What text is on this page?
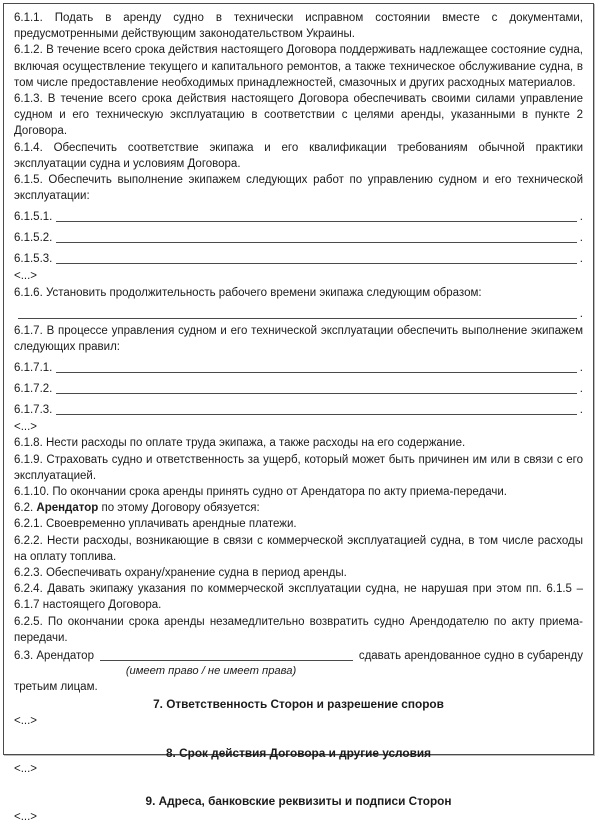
6.1.1. Подать в аренду судно в технически исправном состоянии вместе с документами, предусмотренными действующим законодательством Украины.

6.1.2. В течение всего срока действия настоящего Договора поддерживать надлежащее состояние судна, включая осуществление текущего и капитального ремонтов, а также техническое обслуживание судна, в том числе предоставление необходимых принадлежностей, смазочных и других расходных материалов.

6.1.3. В течение всего срока действия настоящего Договора обеспечивать своими силами управление судном и его техническую эксплуатацию в соответствии с целями аренды, указанными в пункте 2 Договора.

6.1.4. Обеспечить соответствие экипажа и его квалификации требованиям обычной практики эксплуатации судна и условиям Договора.

6.1.5. Обеспечить выполнение экипажем следующих работ по управлению судном и его технической эксплуатации:

6.1.5.1.	.
6.1.5.2.	.
6.1.5.3.	.

<...>

6.1.6. Установить продолжительность рабочего времени экипажа следующим образом:

.

6.1.7. В процессе управления судном и его технической эксплуатации обеспечить выполнение экипажем следующих правил:

6.1.7.1.	.
6.1.7.2.	.
6.1.7.3.	.

<...>

6.1.8. Нести расходы по оплате труда экипажа, а также расходы на его содержание.

6.1.9. Страховать судно и ответственность за ущерб, который может быть причинен им или в связи с его эксплуатацией.

6.1.10. По окончании срока аренды принять судно от Арендатора по акту приема-передачи.

6.2. Арендатор по этому Договору обязуется:

6.2.1. Своевременно уплачивать арендные платежи.

6.2.2. Нести расходы, возникающие в связи с коммерческой эксплуатацией судна, в том числе расходы на оплату топлива.

6.2.3. Обеспечивать охрану/хранение судна в период аренды.

6.2.4. Давать экипажу указания по коммерческой эксплуатации судна, не нарушая при этом пп. 6.1.5 – 6.1.7 настоящего Договора.

6.2.5. По окончании срока аренды незамедлительно возвратить судно Арендодателю по акту приема-передачи.

6.3. Арендатор	сдавать арендованное судно в субаренду
(имеет право / не имеет права)

третьим лицам.

7. Ответственность Сторон и разрешение споров

<...>

8. Срок действия Договора и другие условия

<...>

9. Адреса, банковские реквизиты и подписи Сторон

<...>
